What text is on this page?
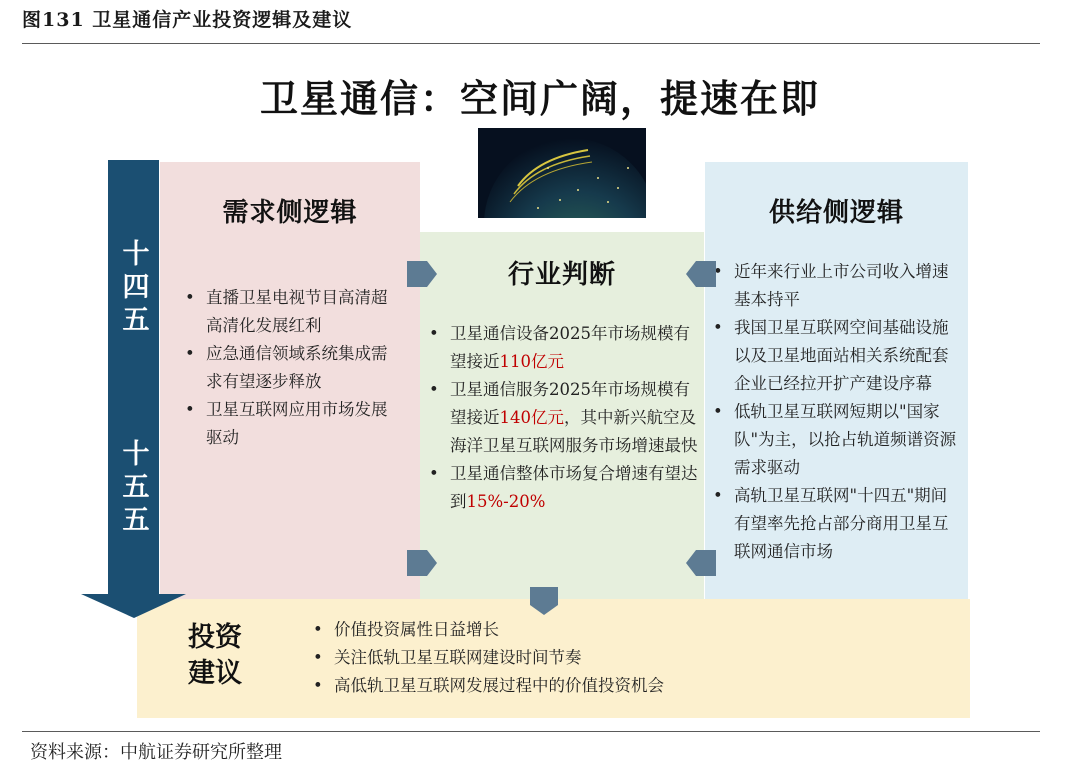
图131 卫星通信产业投资逻辑及建议
卫星通信：空间广阔，提速在即
十
四
五
十
五
五
需求侧逻辑
• 直播卫星电视节目高清超高清化发展红利
• 应急通信领域系统集成需求有望逐步释放
• 卫星互联网应用市场发展驱动
行业判断
• 卫星通信设备2025年市场规模有望接近110亿元
• 卫星通信服务2025年市场规模有望接近140亿元，其中新兴航空及海洋卫星互联网服务市场增速最快
• 卫星通信整体市场复合增速有望达到15%-20%
供给侧逻辑
• 近年来行业上市公司收入增速基本持平
• 我国卫星互联网空间基础设施以及卫星地面站相关系统配套企业已经拉开扩产建设序幕
• 低轨卫星互联网短期以"国家队"为主，以抢占轨道频谱资源需求驱动
• 高轨卫星互联网"十四五"期间有望率先抢占部分商用卫星互联网通信市场
投资
建议
• 价值投资属性日益增长
• 关注低轨卫星互联网建设时间节奏
• 高低轨卫星互联网发展过程中的价值投资机会
资料来源：中航证券研究所整理
